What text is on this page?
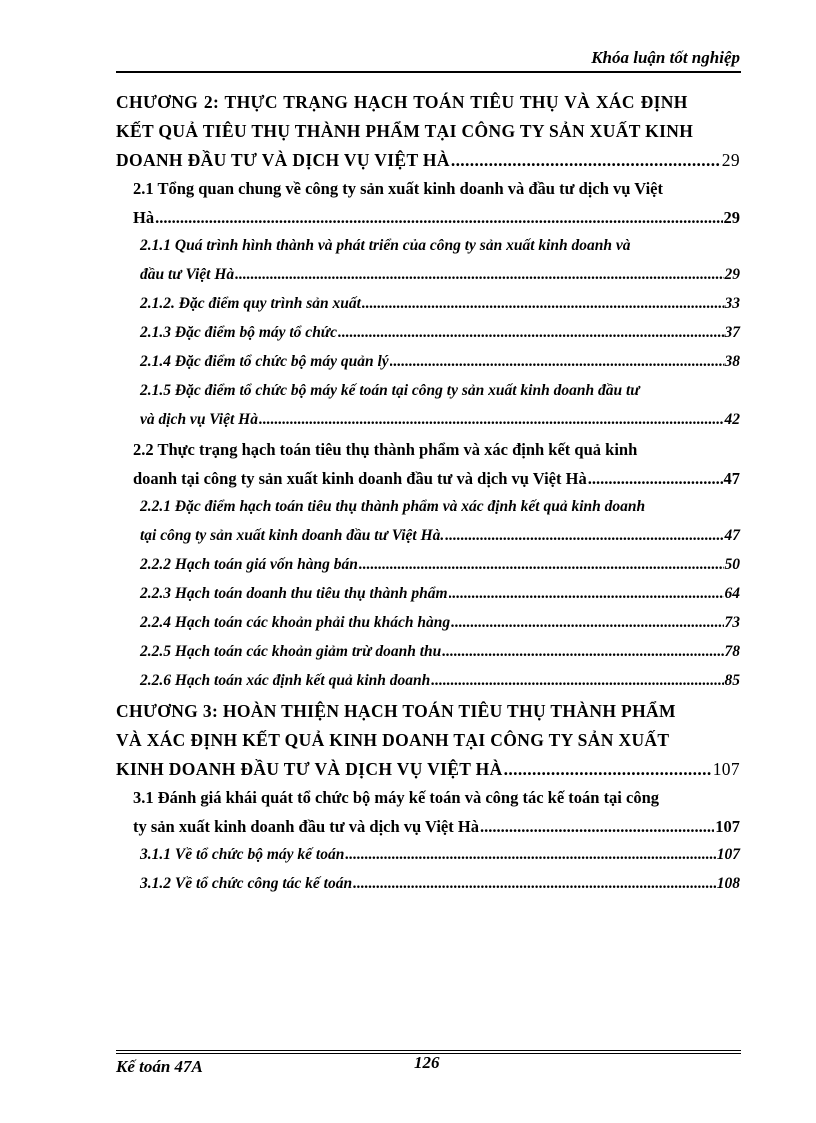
Khóa luận tốt nghiệp
CHƯƠNG 2: THỰC TRẠNG HẠCH TOÁN TIÊU THỤ VÀ XÁC ĐỊNH
KẾT QUẢ TIÊU THỤ THÀNH PHẨM TẠI CÔNG TY SẢN XUẤT KINH
DOANH ĐẦU TƯ VÀ DỊCH VỤ VIỆT HÀ .....	29
2.1 Tổng quan chung về công ty sản xuất kinh doanh và đầu tư dịch vụ Việt
Hà .....	29
2.1.1 Quá trình hình thành và phát triển của công ty sản xuất kinh doanh và
đầu tư Việt Hà .....	29
2.1.2. Đặc điểm quy trình sản xuất .....	33
2.1.3 Đặc điểm bộ máy tổ chức .....	37
2.1.4 Đặc điểm tổ chức bộ máy quản lý .....	38
2.1.5 Đặc điểm tổ chức bộ máy kế toán tại công ty sản xuất kinh doanh đầu tư
và dịch vụ Việt Hà .....	42
2.2 Thực trạng hạch toán tiêu thụ thành phẩm và xác định kết quả kinh
doanh tại công ty sản xuất kinh doanh đầu tư và dịch vụ Việt Hà .....	47
2.2.1 Đặc điểm hạch toán tiêu thụ thành phẩm và xác định kết quả kinh doanh
tại công ty sản xuất kinh doanh đầu tư Việt Hà. .....	47
2.2.2 Hạch toán giá vốn hàng bán .....	50
2.2.3 Hạch toán doanh thu tiêu thụ thành phẩm .....	64
2.2.4 Hạch toán các khoản phải thu khách hàng .....	73
2.2.5 Hạch toán các khoản giảm trừ doanh thu .....	78
2.2.6 Hạch toán xác định kết quả kinh doanh .....	85
CHƯƠNG 3: HOÀN THIỆN HẠCH TOÁN TIÊU THỤ THÀNH PHẨM
VÀ XÁC ĐỊNH KẾT QUẢ KINH DOANH TẠI CÔNG TY SẢN XUẤT
KINH DOANH ĐẦU TƯ VÀ DỊCH VỤ VIỆT HÀ .....	107
3.1 Đánh giá khái quát tổ chức bộ máy kế toán và công tác kế toán tại công
ty sản xuất kinh doanh đầu tư và dịch vụ Việt Hà .....	107
3.1.1 Về tổ chức bộ máy kế toán .....	107
3.1.2 Về tổ chức công tác kế toán .....	108
Kế toán 47A	126
